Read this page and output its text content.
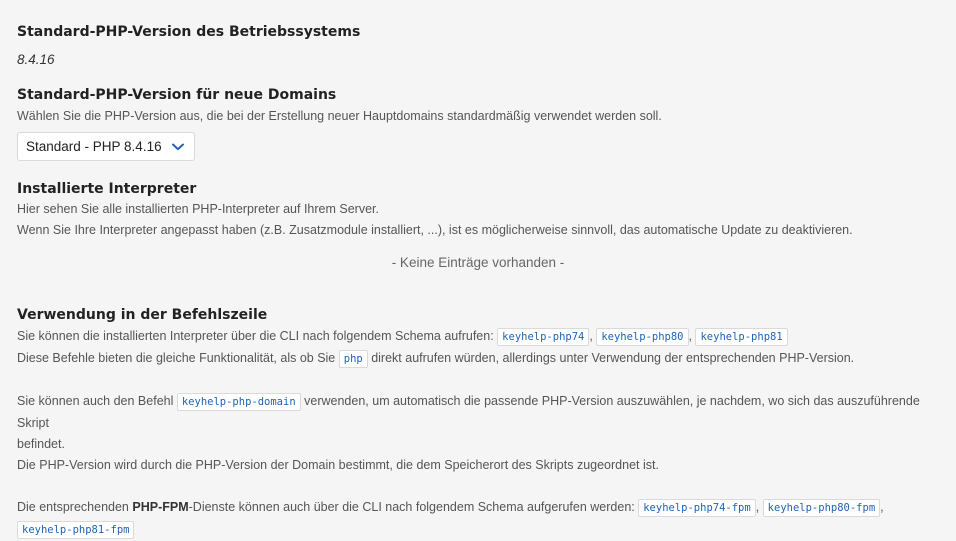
Standard-PHP-Version des Betriebssystems
8.4.16
Standard-PHP-Version für neue Domains
Wählen Sie die PHP-Version aus, die bei der Erstellung neuer Hauptdomains standardmäßig verwendet werden soll.
Standard - PHP 8.4.16
Installierte Interpreter
Hier sehen Sie alle installierten PHP-Interpreter auf Ihrem Server.
Wenn Sie Ihre Interpreter angepasst haben (z.B. Zusatzmodule installiert, ...), ist es möglicherweise sinnvoll, das automatische Update zu deaktivieren.
- Keine Einträge vorhanden -
Verwendung in der Befehlszeile
Sie können die installierten Interpreter über die CLI nach folgendem Schema aufrufen: keyhelp-php74 , keyhelp-php80 , keyhelp-php81
Diese Befehle bieten die gleiche Funktionalität, als ob Sie php direkt aufrufen würden, allerdings unter Verwendung der entsprechenden PHP-Version.
Sie können auch den Befehl keyhelp-php-domain verwenden, um automatisch die passende PHP-Version auszuwählen, je nachdem, wo sich das auszuführende Skript
befindet.
Die PHP-Version wird durch die PHP-Version der Domain bestimmt, die dem Speicherort des Skripts zugeordnet ist.
Die entsprechenden PHP-FPM-Dienste können auch über die CLI nach folgendem Schema aufgerufen werden: keyhelp-php74-fpm , keyhelp-php80-fpm ,
keyhelp-php81-fpm
